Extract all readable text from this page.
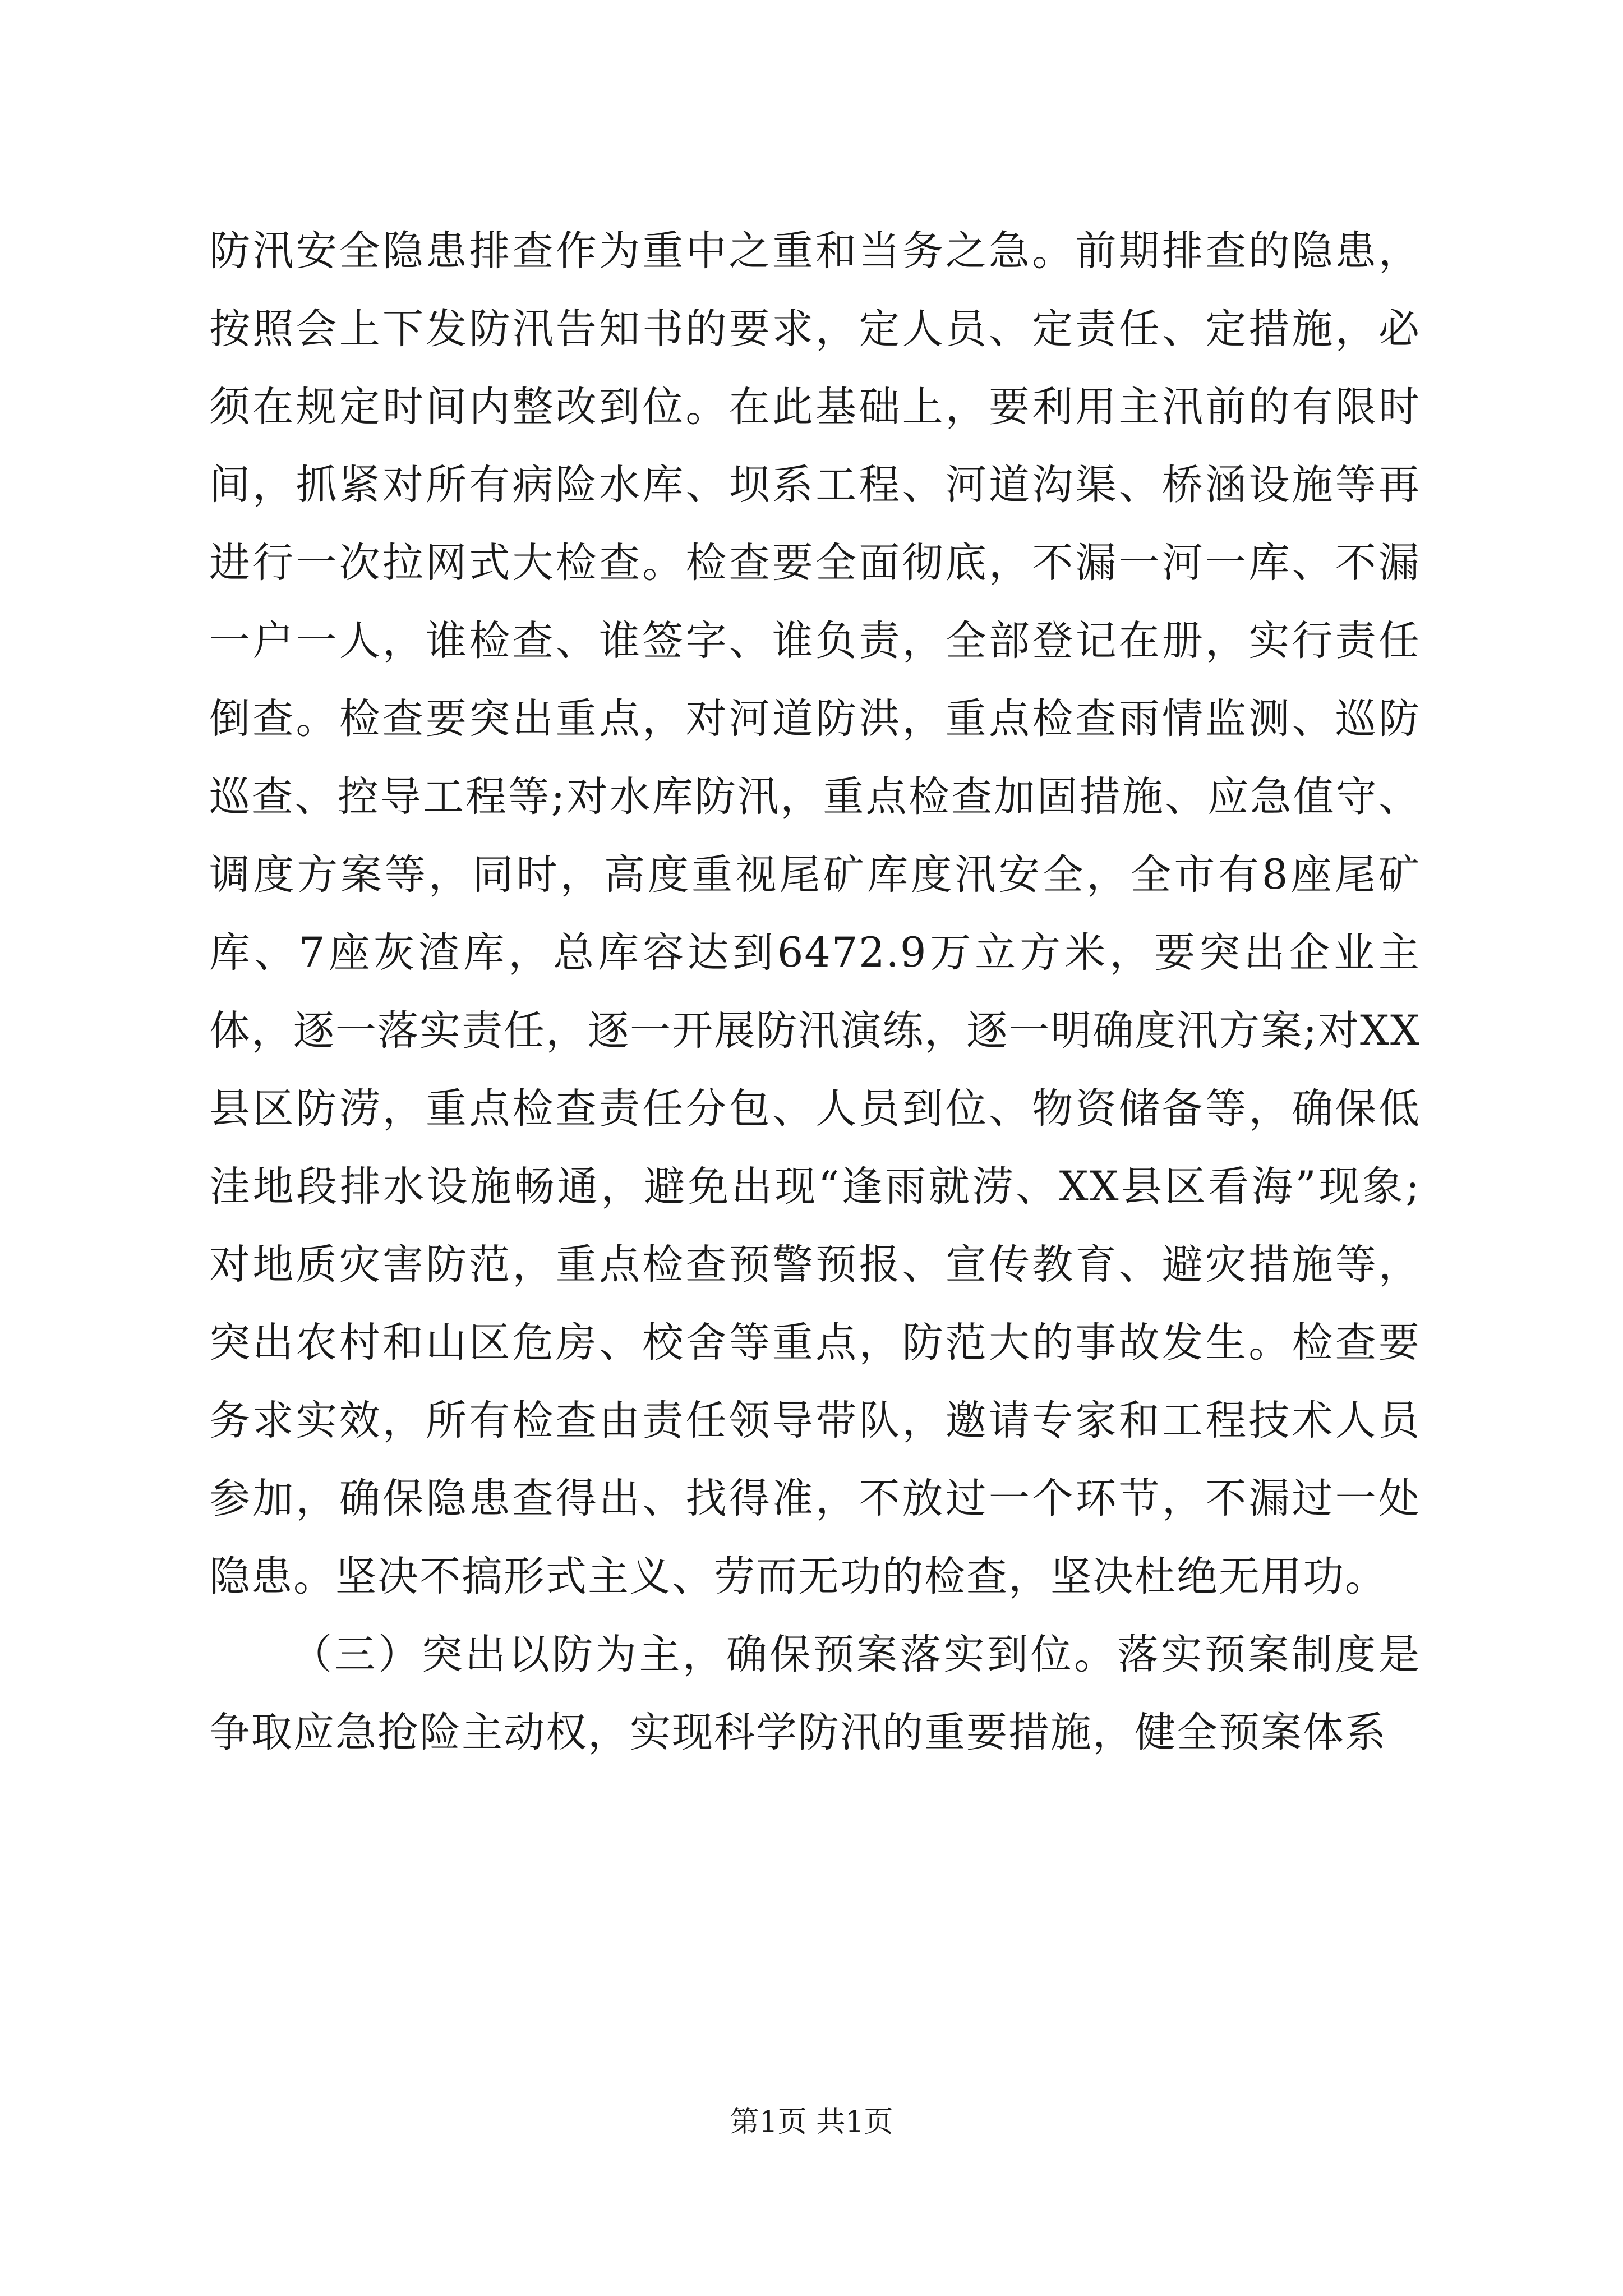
防汛安全隐患排查作为重中之重和当务之急。前期排查的隐患，按照会上下发防汛告知书的要求，定人员、定责任、定措施，必须在规定时间内整改到位。在此基础上，要利用主汛前的有限时间，抓紧对所有病险水库、坝系工程、河道沟渠、桥涵设施等再进行一次拉网式大检查。检查要全面彻底，不漏一河一库、不漏一户一人，谁检查、谁签字、谁负责，全部登记在册，实行责任倒查。检查要突出重点，对河道防洪，重点检查雨情监测、巡防巡查、控导工程等;对水库防汛，重点检查加固措施、应急值守、调度方案等，同时，高度重视尾矿库度汛安全，全市有8座尾矿库、7座灰渣库，总库容达到6472.9万立方米，要突出企业主体，逐一落实责任，逐一开展防汛演练，逐一明确度汛方案;对XX县区防涝，重点检查责任分包、人员到位、物资储备等，确保低洼地段排水设施畅通，避免出现“逢雨就涝、XX县区看海”现象;对地质灾害防范，重点检查预警预报、宣传教育、避灾措施等，突出农村和山区危房、校舍等重点，防范大的事故发生。检查要务求实效，所有检查由责任领导带队，邀请专家和工程技术人员参加，确保隐患查得出、找得准，不放过一个环节，不漏过一处隐患。坚决不搞形式主义、劳而无功的检查，坚决杜绝无用功。

（三）突出以防为主，确保预案落实到位。落实预案制度是争取应急抢险主动权，实现科学防汛的重要措施，健全预案体系

第1页 共1页
